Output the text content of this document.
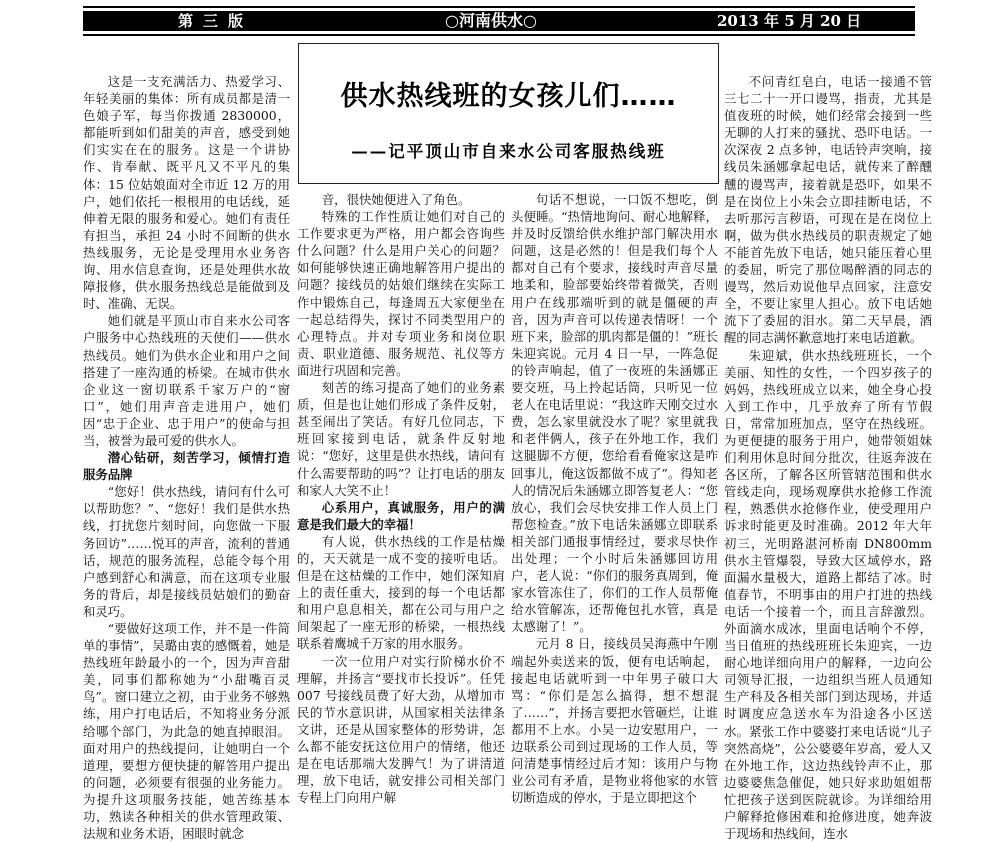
第三版	○河南供水○	2013 年 5 月 20 日
供水热线班的女孩儿们……
——记平顶山市自来水公司客服热线班

这是一支充满活力、热爱学习、年轻美丽的集体：所有成员都是清一色娘子军，每当你拨通 2830000，都能听到如们甜美的声音，感受到她们实实在在的服务。这是一个讲协作、肯奉献、既平凡又不平凡的集体：15 位姑娘面对全市近 12 万的用户，她们依托一根根用的电话线，延伸着无限的服务和爱心。她们有责任有担当，承担 24 小时不间断的供水热线服务，无论是受理用水业务咨询、用水信息查询，还是处理供水故障报修，供水服务热线总是能做到及时、准确、无误。

她们就是平顶山市自来水公司客户服务中心热线班的天使们——供水热线员。她们为供水企业和用户之间搭建了一座沟通的桥梁。在城市供水企业这一窗切联系千家万户的“窗口”，她们用声音走进用户，她们因“忠于企业、忠于用户”的使命与担当，被誉为最可爱的供水人。

潜心钻研，刻苦学习，倾情打造服务品牌

“您好！供水热线，请问有什么可以帮助您？”、“您好！我们是供水热线，打扰您片刻时间，向您做一下服务回访”……悦耳的声音，流利的普通话，规范的服务流程，总能令每个用户感到舒心和满意，而在这项专业服务的背后，却是接线员姑娘们的勤奋和灵巧。

“要做好这项工作，并不是一件简单的事情”，吴璐由衷的感慨着，她是热线班年龄最小的一个，因为声音甜美，同事们都称她为“小甜嘴百灵鸟”。窗口建立之初，由于业务不够熟练，用户打电话后，不知将业务分派给哪个部门，为此急的她直掉眼泪。面对用户的热线提问，让她明白一个道理，要想方便快捷的解答用户提出的问题，必须要有很强的业务能力。为提升这项服务技能，她苦练基本功，熟读各种相关的供水管理政策、法规和业务术语，困眼时就念

音，很快她便进入了角色。

特殊的工作性质让她们对自己的工作要求更为严格，用户都会咨询些什么问题？什么是用户关心的问题？如何能够快速正确地解答用户提出的问题？接线员的姑娘们继续在实际工作中锻炼自己，每逢周五大家便坐在一起总结得失，探讨不同类型用户的心理特点。并对专项业务和岗位职责、职业道德、服务规范、礼仪等方面进行巩固和完善。

刻苦的练习提高了她们的业务素质，但是也让她们形成了条件反射，甚至闹出了笑话。有好几位同志，下班回家接到电话，就条件反射地说：“您好，这里是供水热线，请问有什么需要帮助的吗”？让打电话的朋友和家人大笑不止！

心系用户，真诚服务，用户的满意是我们最大的幸福！

有人说，供水热线的工作是枯燥的，天天就是一成不变的接听电话。但是在这枯燥的工作中，她们深知肩上的责任重大，接到的每一个电话都和用户息息相关，都在公司与用户之间架起了一座无形的桥梁，一根热线联系着鹰城千万家的用水服务。

一次一位用户对实行阶梯水价不理解，并扬言“要找市长投诉”。任凭 007 号接线员费了好大劲，从增加市民的节水意识讲，从国家相关法律条文讲，还是从国家整体的形势讲，怎么都不能安抚这位用户的情绪，他还是在电话那端大发脾气！为了讲清道理，放下电话，就安排公司相关部门专程上门向用户解

句话不想说，一口饭不想吃，倒头便睡。“热情地询问、耐心地解释，并及时反馈给供水维护部门解决用水问题，这是必然的！但是我们每个人都对自己有个要求，接线时声音尽量地柔和，脸部要始终带着微笑，否则用户在线那端听到的就是僵硬的声音，因为声音可以传递表情呀！一个班下来，脸部的肌肉都是僵的！”班长朱迎宾说。元月 4 日一早，一阵急促的铃声响起，值了一夜班的朱涵娜正要交班，马上拎起话筒，只听见一位老人在电话里说：“我这昨天刚交过水费，怎么家里就没水了呢？家里就我和老伴俩人，孩子在外地工作，我们这腿脚不方便，您给看看俺家这是咋回事儿，俺这饭都做不成了”。得知老人的情况后朱涵娜立即答复老人：“您放心，我们会尽快安排工作人员上门帮您检查。”放下电话朱涵娜立即联系相关部门通报事情经过，要求尽快作出处理；一个小时后朱涵娜回访用户，老人说：“你们的服务真周到，俺家水管冻住了，你们的工作人员帮俺给水管解冻，还帮俺包扎水管，真是太感谢了！”。

元月 8 日，接线员吴海燕中午刚端起外卖送来的饭，便有电话响起，接起电话就听到一中年男子破口大骂：“你们是怎么搞得，想不想混了……”，并扬言要把水管砸烂，让谁都用不上水。小吴一边安慰用户，一边联系公司到过现场的工作人员，等问清楚事情经过后才知：该用户与物业公司有矛盾，是物业将他家的水管切断造成的停水，于是立即把这个

不问青红皂白，电话一接通不管三七二十一开口谩骂，指责，尤其是值夜班的时候，她们经常会接到一些无聊的人打来的骚扰、恐吓电话。一次深夜 2 点多钟，电话铃声突响，接线员朱涵娜拿起电话，就传来了醉醺醺的谩骂声，接着就是恐吓，如果不是在岗位上小朱会立即挂断电话，不去听那污言秽语，可现在是在岗位上啊，做为供水热线员的职责规定了她不能首先放下电话，她只能压着心里的委屈，听完了那位喝醉酒的同志的谩骂，然后劝说他早点回家，注意安全，不要让家里人担心。放下电话她流下了委屈的泪水。第二天早晨，酒醒的同志满怀歉意地打来电话道歉。

朱迎斌，供水热线班班长，一个美丽、知性的女性，一个四岁孩子的妈妈，热线班成立以来，她全身心投入到工作中，几乎放弃了所有节假日，常常加班加点，坚守在热线班。为更便捷的服务于用户，她带领姐妹们利用休息时间分批次，往返奔波在各区所，了解各区所管辖范围和供水管线走向，现场观摩供水抢修工作流程，熟悉供水抢修作业，使受理用户诉求时能更及时准确。2012 年大年初三，光明路湛河桥南 DN800mm 供水主管爆裂，导致大区域停水，路面漏水量极大，道路上都结了冰。时值春节，不明事由的用户打进的热线电话一个接着一个，而且言辞激烈。外面滴水成冰，里面电话响个不停，当日值班的热线班班长朱迎宾，一边耐心地详细向用户的解释，一边向公司领导汇报，一边组织当班人员通知生产科及各相关部门到达现场，并适时调度应急送水车为沿途各小区送水。紧张工作中婆婆打来电话说“儿子突然高烧”，公公婆婆年岁高，爱人又在外地工作，这边热线铃声不止，那边婆婆焦急催促，她只好求助姐姐帮忙把孩子送到医院就诊。为详细给用户解释抢修困难和抢修进度，她奔波于现场和热线间，连水
